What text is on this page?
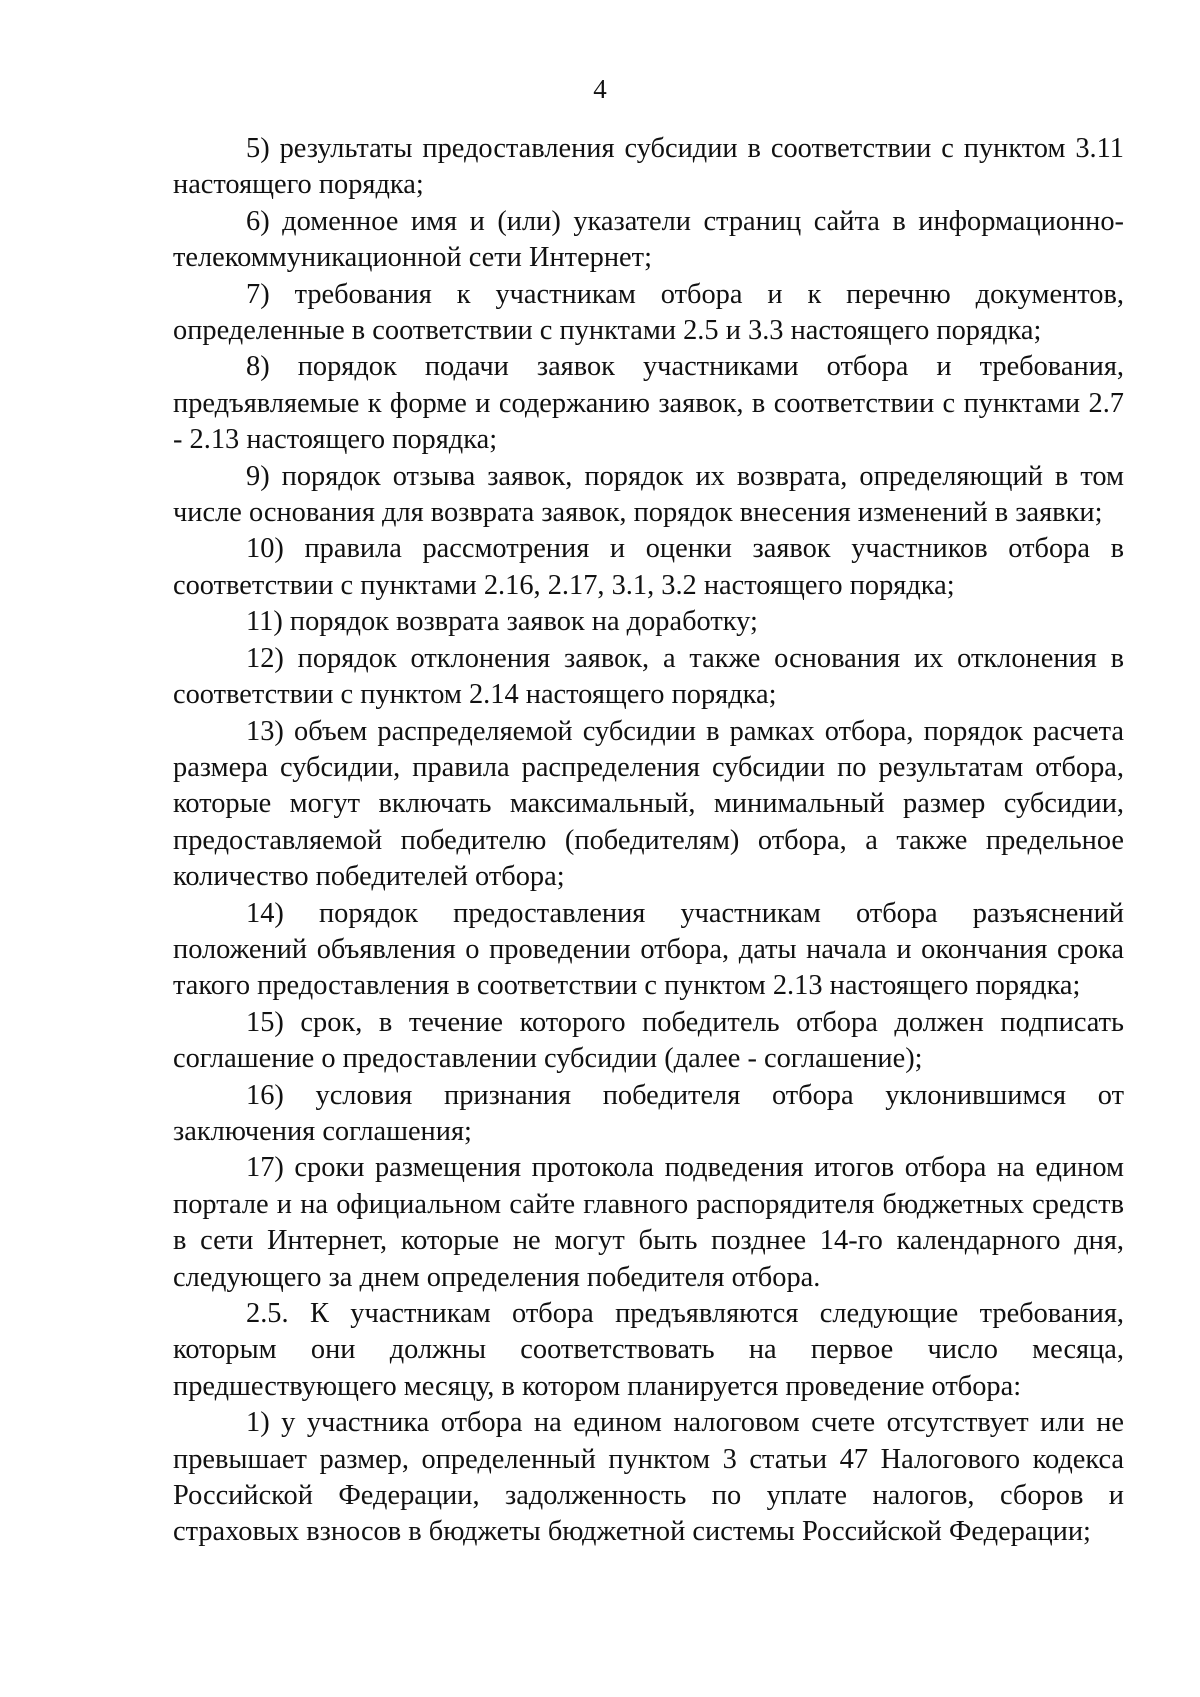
4

5) результаты предоставления субсидии в соответствии с пунктом 3.11 настоящего порядка;

6) доменное имя и (или) указатели страниц сайта в информационно-телекоммуникационной сети Интернет;

7) требования к участникам отбора и к перечню документов, определенные в соответствии с пунктами 2.5 и 3.3 настоящего порядка;

8) порядок подачи заявок участниками отбора и требования, предъявляемые к форме и содержанию заявок, в соответствии с пунктами 2.7 - 2.13 настоящего порядка;

9) порядок отзыва заявок, порядок их возврата, определяющий в том числе основания для возврата заявок, порядок внесения изменений в заявки;

10) правила рассмотрения и оценки заявок участников отбора в соответствии с пунктами 2.16, 2.17, 3.1, 3.2 настоящего порядка;

11) порядок возврата заявок на доработку;

12) порядок отклонения заявок, а также основания их отклонения в соответствии с пунктом 2.14 настоящего порядка;

13) объем распределяемой субсидии в рамках отбора, порядок расчета размера субсидии, правила распределения субсидии по результатам отбора, которые могут включать максимальный, минимальный размер субсидии, предоставляемой победителю (победителям) отбора, а также предельное количество победителей отбора;

14) порядок предоставления участникам отбора разъяснений положений объявления о проведении отбора, даты начала и окончания срока такого предоставления в соответствии с пунктом 2.13 настоящего порядка;

15) срок, в течение которого победитель отбора должен подписать соглашение о предоставлении субсидии (далее - соглашение);

16) условия признания победителя отбора уклонившимся от заключения соглашения;

17) сроки размещения протокола подведения итогов отбора на едином портале и на официальном сайте главного распорядителя бюджетных средств в сети Интернет, которые не могут быть позднее 14-го календарного дня, следующего за днем определения победителя отбора.

2.5. К участникам отбора предъявляются следующие требования, которым они должны соответствовать на первое число месяца, предшествующего месяцу, в котором планируется проведение отбора:

1) у участника отбора на едином налоговом счете отсутствует или не превышает размер, определенный пунктом 3 статьи 47 Налогового кодекса Российской Федерации, задолженность по уплате налогов, сборов и страховых взносов в бюджеты бюджетной системы Российской Федерации;
